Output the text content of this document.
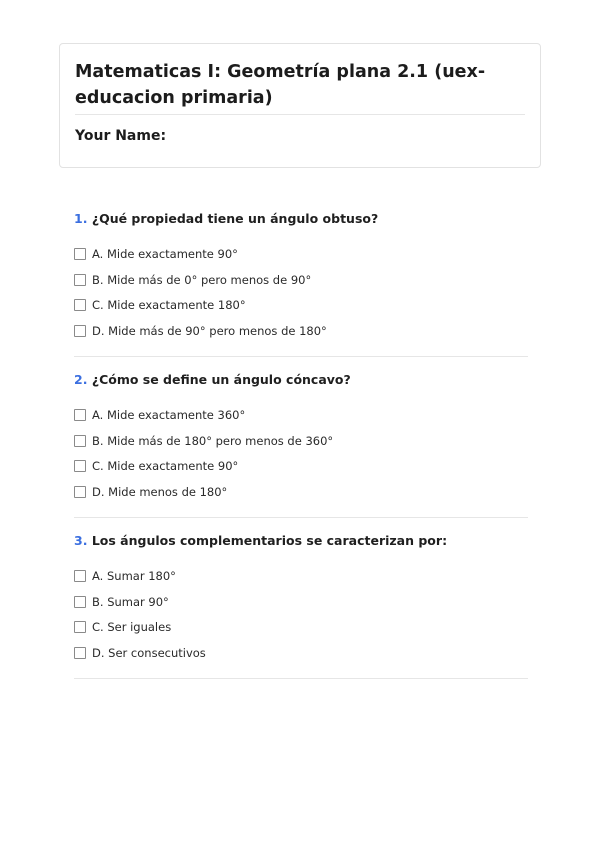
Matematicas I: Geometría plana 2.1 (uex-educacion primaria)
Your Name:

1. ¿Qué propiedad tiene un ángulo obtuso?

A. Mide exactamente 90°
B. Mide más de 0° pero menos de 90°
C. Mide exactamente 180°
D. Mide más de 90° pero menos de 180°

2. ¿Cómo se define un ángulo cóncavo?

A. Mide exactamente 360°
B. Mide más de 180° pero menos de 360°
C. Mide exactamente 90°
D. Mide menos de 180°

3. Los ángulos complementarios se caracterizan por:

A. Sumar 180°
B. Sumar 90°
C. Ser iguales
D. Ser consecutivos
